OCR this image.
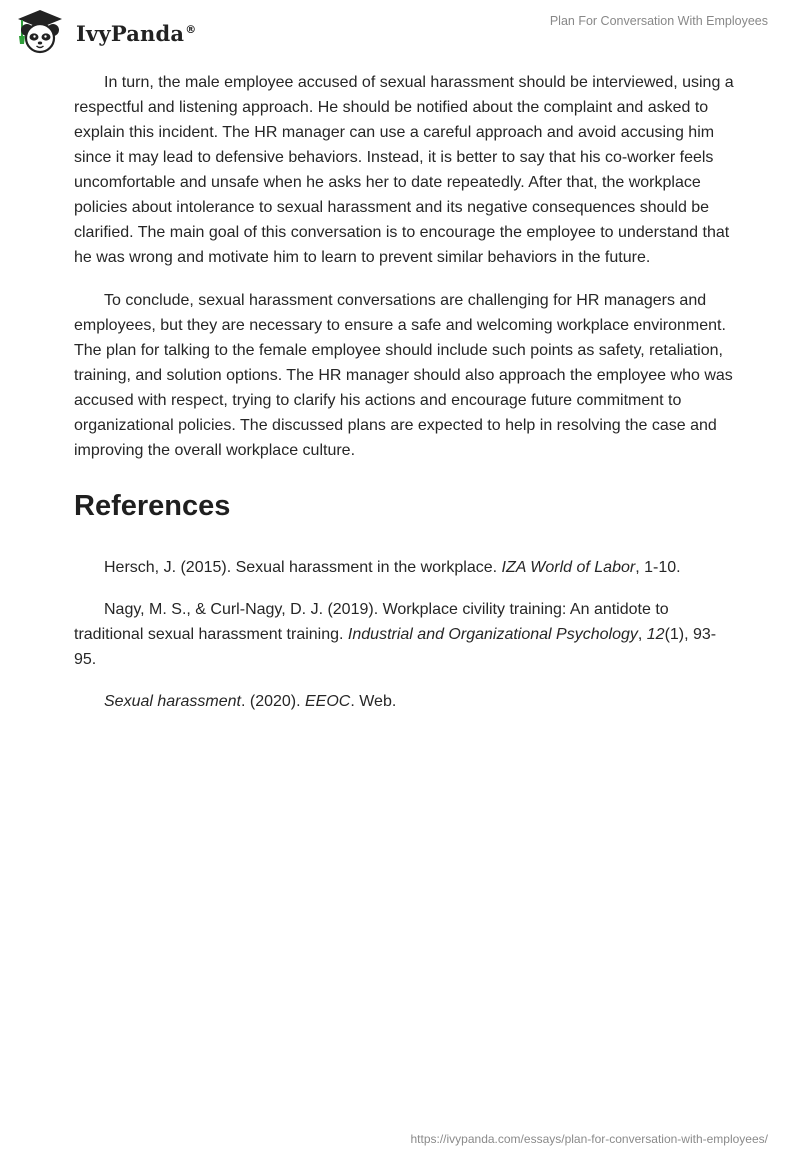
IvyPanda®
Plan For Conversation With Employees

In turn, the male employee accused of sexual harassment should be interviewed, using a respectful and listening approach. He should be notified about the complaint and asked to explain this incident. The HR manager can use a careful approach and avoid accusing him since it may lead to defensive behaviors. Instead, it is better to say that his co-worker feels uncomfortable and unsafe when he asks her to date repeatedly. After that, the workplace policies about intolerance to sexual harassment and its negative consequences should be clarified. The main goal of this conversation is to encourage the employee to understand that he was wrong and motivate him to learn to prevent similar behaviors in the future.

To conclude, sexual harassment conversations are challenging for HR managers and employees, but they are necessary to ensure a safe and welcoming workplace environment. The plan for talking to the female employee should include such points as safety, retaliation, training, and solution options. The HR manager should also approach the employee who was accused with respect, trying to clarify his actions and encourage future commitment to organizational policies. The discussed plans are expected to help in resolving the case and improving the overall workplace culture.

References

Hersch, J. (2015). Sexual harassment in the workplace. IZA World of Labor, 1-10.

Nagy, M. S., & Curl-Nagy, D. J. (2019). Workplace civility training: An antidote to traditional sexual harassment training. Industrial and Organizational Psychology, 12(1), 93-95.

Sexual harassment. (2020). EEOC. Web.

https://ivypanda.com/essays/plan-for-conversation-with-employees/
